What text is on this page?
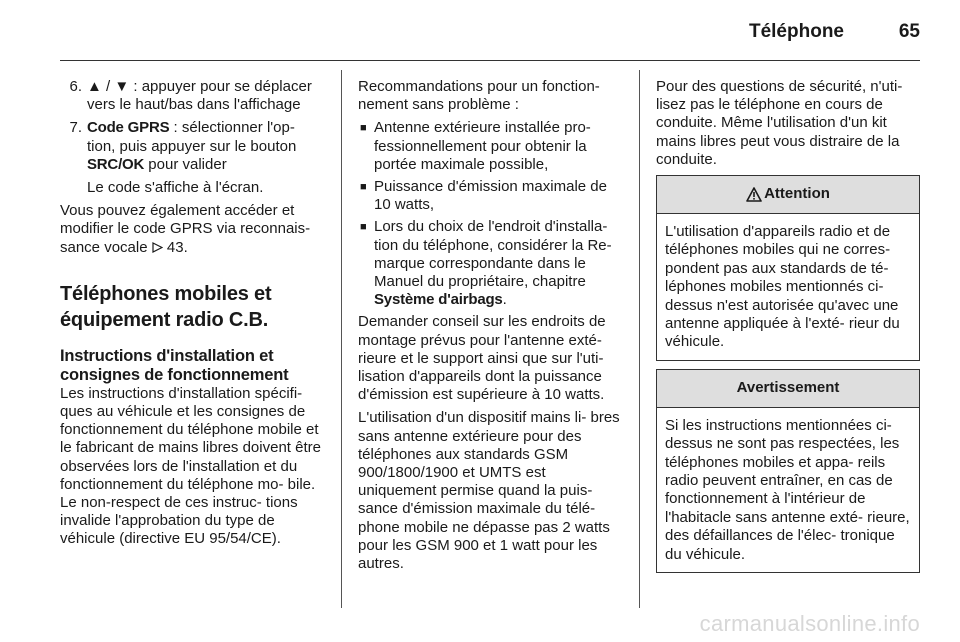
Téléphone	65
6. ▲ / ▼ : appuyer pour se déplacer vers le haut/bas dans l'affichage
7. Code GPRS : sélectionner l'op- tion, puis appuyer sur le bouton SRC/OK pour valider
Le code s'affiche à l'écran.
Vous pouvez également accéder et modifier le code GPRS via reconnais- sance vocale  43.
Téléphones mobiles et équipement radio C.B.
Instructions d'installation et consignes de fonctionnement
Les instructions d'installation spécifi- ques au véhicule et les consignes de fonctionnement du téléphone mobile et le fabricant de mains libres doivent être observées lors de l'installation et du fonctionnement du téléphone mo- bile. Le non-respect de ces instruc- tions invalide l'approbation du type de véhicule (directive EU 95/54/CE).
Recommandations pour un fonction- nement sans problème :
■ Antenne extérieure installée pro- fessionnellement pour obtenir la portée maximale possible,
■ Puissance d'émission maximale de 10 watts,
■ Lors du choix de l'endroit d'installa- tion du téléphone, considérer la Re- marque correspondante dans le Manuel du propriétaire, chapitre Système d'airbags.
Demander conseil sur les endroits de montage prévus pour l'antenne exté- rieure et le support ainsi que sur l'uti- lisation d'appareils dont la puissance d'émission est supérieure à 10 watts.
L'utilisation d'un dispositif mains li- bres sans antenne extérieure pour des téléphones aux standards GSM 900/1800/1900 et UMTS est uniquement permise quand la puis- sance d'émission maximale du télé- phone mobile ne dépasse pas 2 watts pour les GSM 900 et 1 watt pour les autres.
Pour des questions de sécurité, n'uti- lisez pas le téléphone en cours de conduite. Même l'utilisation d'un kit mains libres peut vous distraire de la conduite.
Attention
L'utilisation d'appareils radio et de téléphones mobiles qui ne corres- pondent pas aux standards de té- léphones mobiles mentionnés ci- dessus n'est autorisée qu'avec une antenne appliquée à l'exté- rieur du véhicule.
Avertissement
Si les instructions mentionnées ci- dessus ne sont pas respectées, les téléphones mobiles et appa- reils radio peuvent entraîner, en cas de fonctionnement à l'intérieur de l'habitacle sans antenne exté- rieure, des défaillances de l'élec- tronique du véhicule.
carmanualsonline.info
